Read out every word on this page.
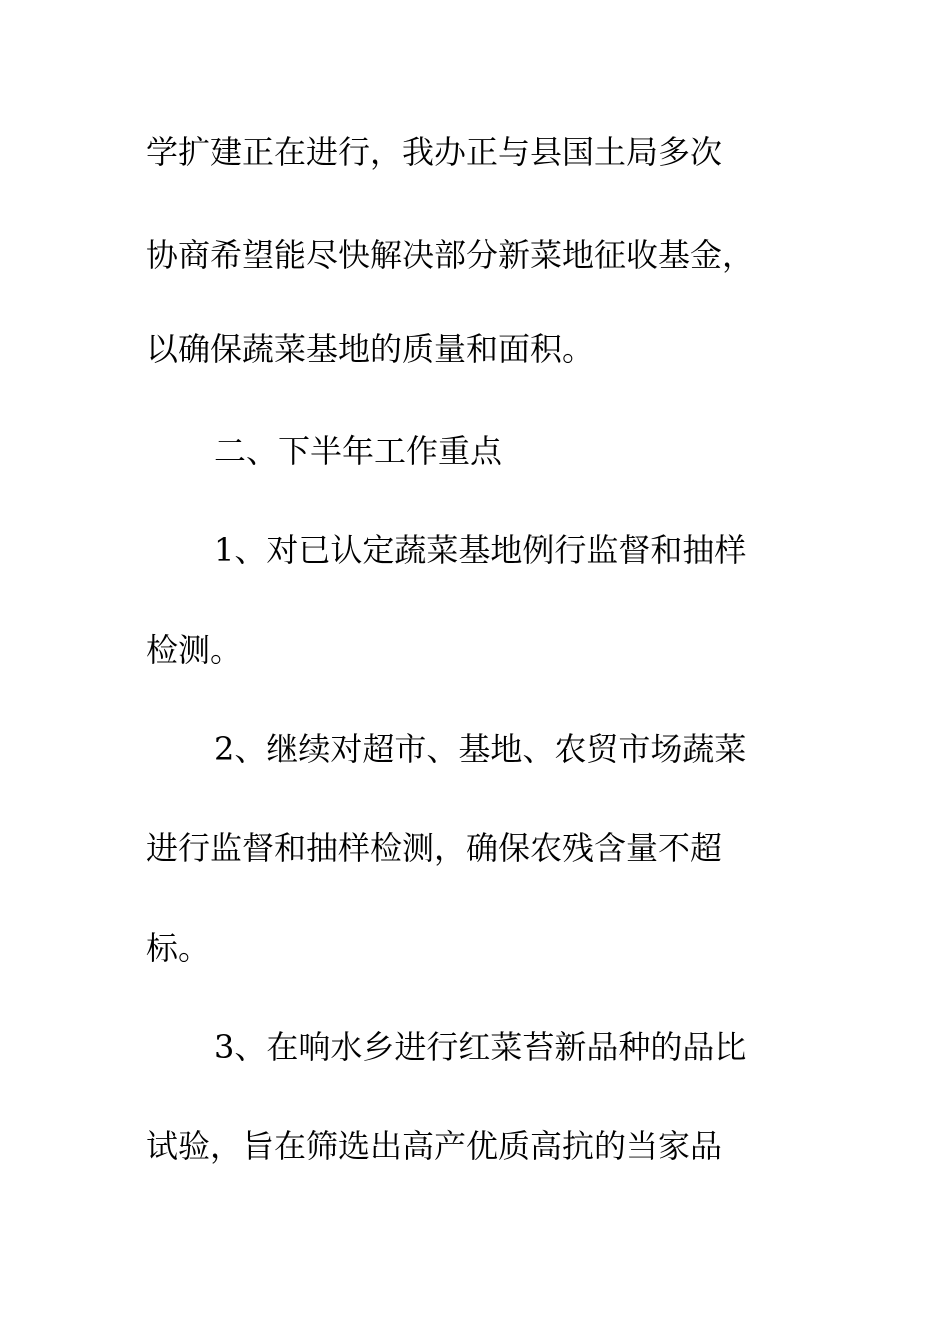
学扩建正在进行，我办正与县国土局多次

协商希望能尽快解决部分新菜地征收基金，

以确保蔬菜基地的质量和面积。

二、下半年工作重点

1、对已认定蔬菜基地例行监督和抽样

检测。

2、继续对超市、基地、农贸市场蔬菜

进行监督和抽样检测，确保农残含量不超

标。

3、在响水乡进行红菜苔新品种的品比

试验，旨在筛选出高产优质高抗的当家品
